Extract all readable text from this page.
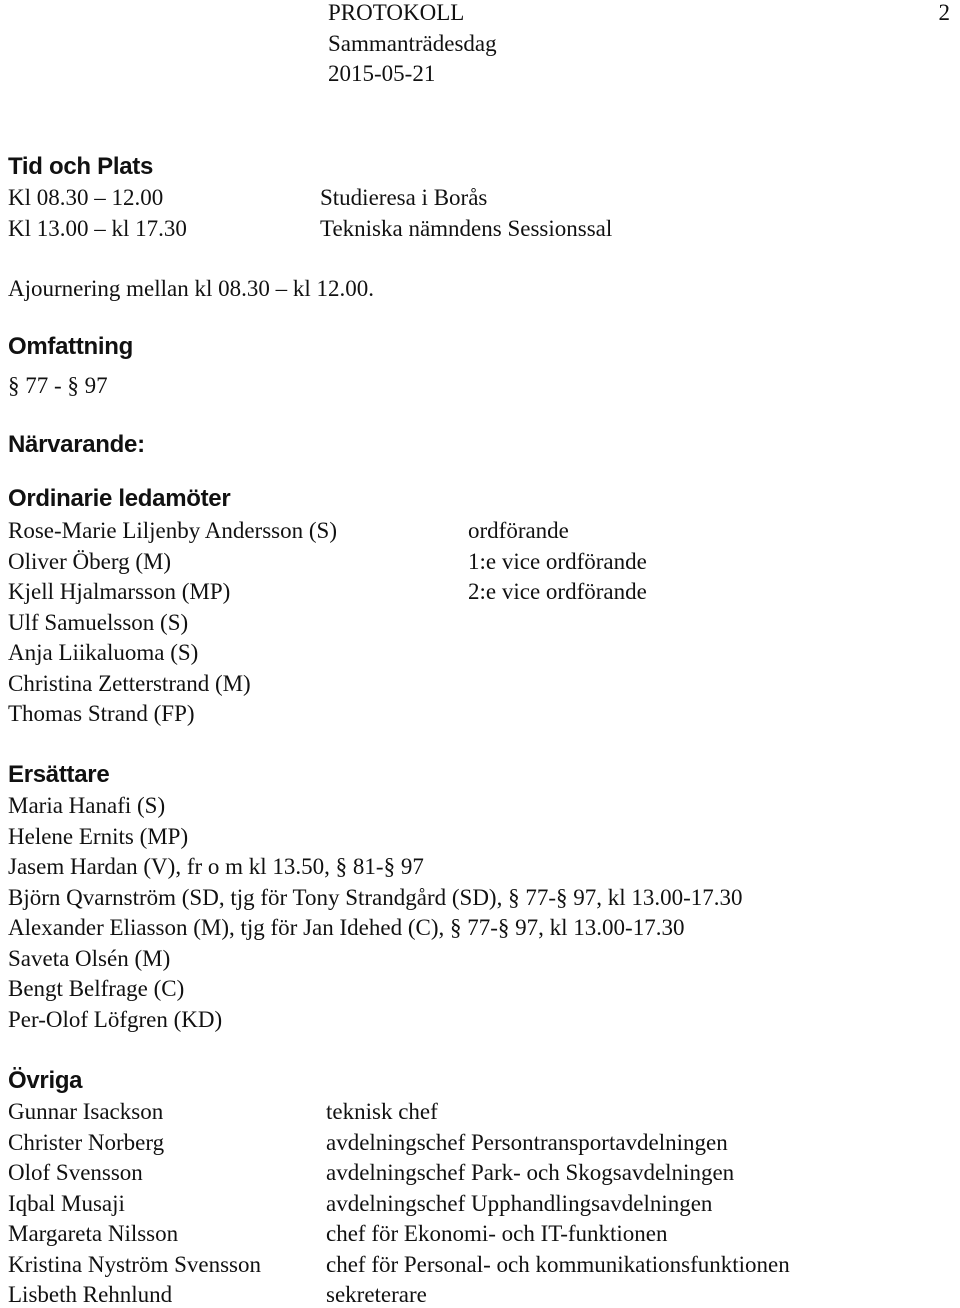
PROTOKOLL
Sammanträdesdag
2015-05-21
2
Tid och Plats
Kl 08.30 – 12.00
Kl 13.00 – kl 17.30
Studieresa i Borås
Tekniska nämndens Sessionssal
Ajournering mellan kl 08.30 – kl 12.00.
Omfattning
§ 77 - § 97
Närvarande:
Ordinarie ledamöter
Rose-Marie Liljenby Andersson (S)
Oliver Öberg (M)
Kjell Hjalmarsson (MP)
Ulf Samuelsson (S)
Anja Liikaluoma (S)
Christina Zetterstrand (M)
Thomas Strand (FP)
ordförande
1:e vice ordförande
2:e vice ordförande
Ersättare
Maria Hanafi (S)
Helene Ernits (MP)
Jasem Hardan (V), fr o m kl 13.50, § 81-§ 97
Björn Qvarnström (SD, tjg för Tony Strandgård (SD), § 77-§ 97, kl 13.00-17.30
Alexander Eliasson (M), tjg för Jan Idehed (C), § 77-§ 97, kl 13.00-17.30
Saveta Olsén (M)
Bengt Belfrage (C)
Per-Olof Löfgren (KD)
Övriga
Gunnar Isackson
Christer Norberg
Olof Svensson
Iqbal Musaji
Margareta Nilsson
Kristina Nyström Svensson
Lisbeth Rehnlund
teknisk chef
avdelningschef Persontransportavdelningen
avdelningschef Park- och Skogsavdelningen
avdelningschef Upphandlingsavdelningen
chef för Ekonomi- och IT-funktionen
chef för Personal- och kommunikationsfunktionen
sekreterare
